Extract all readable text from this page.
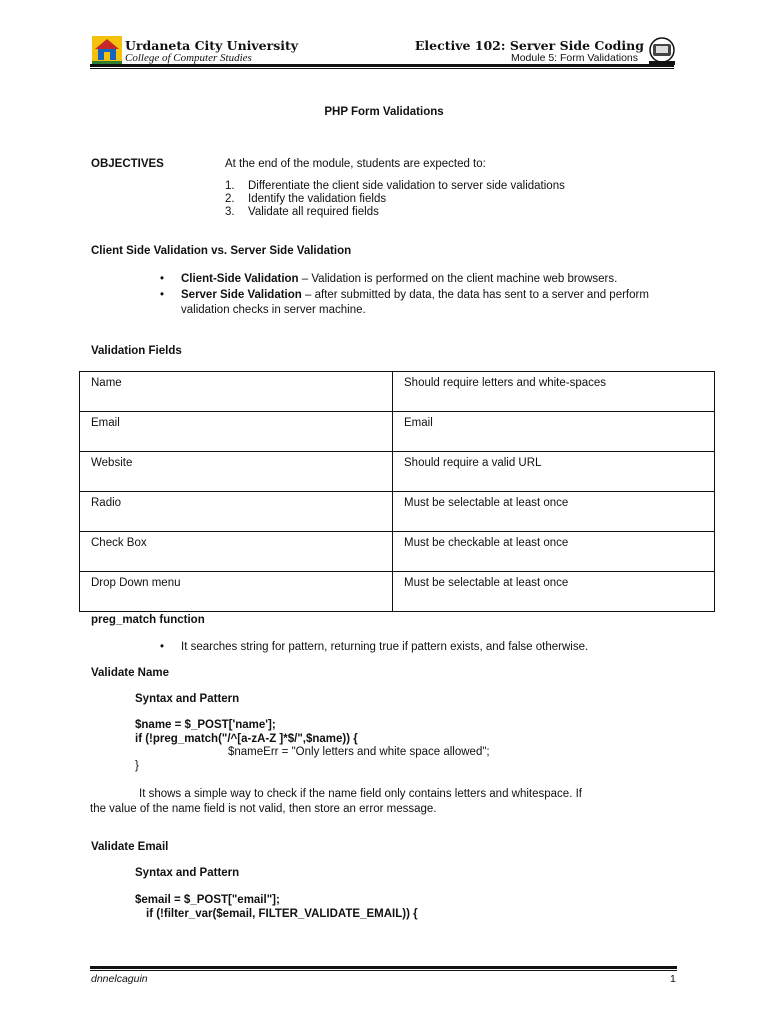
Urdaneta City University
College of Computer Studies
Elective 102: Server Side Coding
Module 5: Form Validations
PHP Form Validations
OBJECTIVES	At the end of the module, students are expected to:
1. Differentiate the client side validation to server side validations
2. Identify the validation fields
3. Validate all required fields
Client Side Validation vs. Server Side Validation
• Client-Side Validation – Validation is performed on the client machine web browsers.
• Server Side Validation – after submitted by data, the data has sent to a server and perform validation checks in server machine.
Validation Fields
Name	Should require letters and white-spaces
Email	Email
Website	Should require a valid URL
Radio	Must be selectable at least once
Check Box	Must be checkable at least once
Drop Down menu	Must be selectable at least once
preg_match function
• It searches string for pattern, returning true if pattern exists, and false otherwise.
Validate Name
Syntax and Pattern
$name = $_POST['name'];
if (!preg_match("/^[a-zA-Z ]*$/",$name)) {
$nameErr = "Only letters and white space allowed";
}
It shows a simple way to check if the name field only contains letters and whitespace. If
the value of the name field is not valid, then store an error message.
Validate Email
Syntax and Pattern
$email = $_POST["email"];
if (!filter_var($email, FILTER_VALIDATE_EMAIL)) {
dnnelcaguin	1
